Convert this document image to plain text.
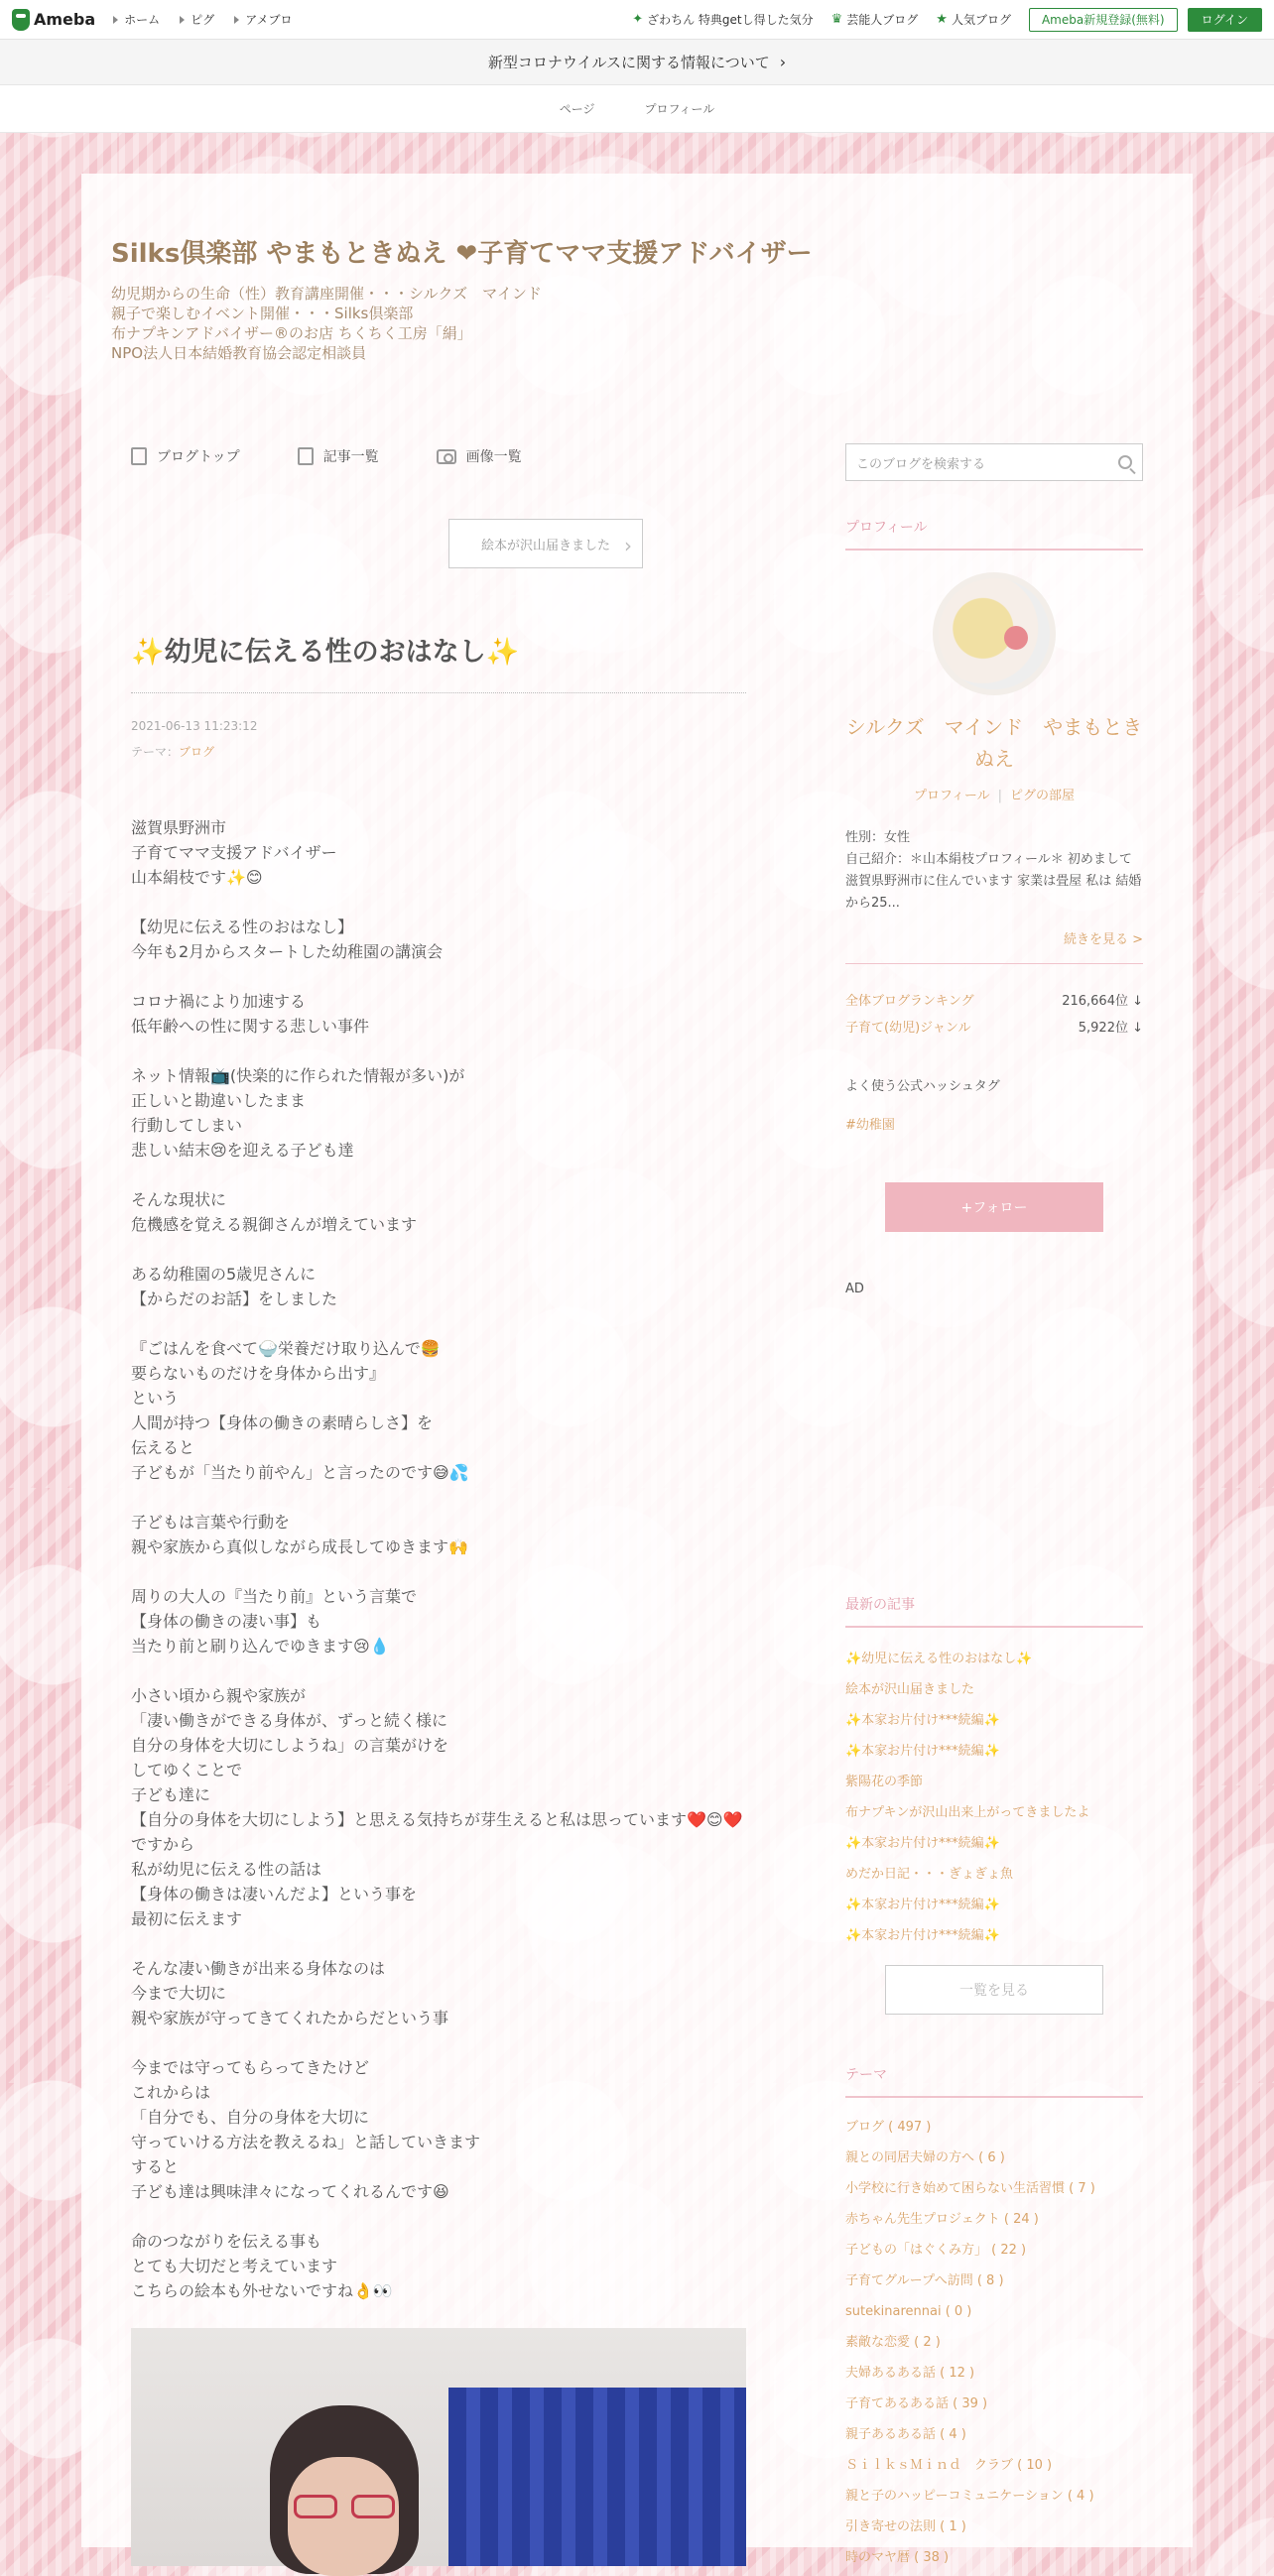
Ameba ホーム	ピグ	アメブロ	✦ ざわちん 特典getし得した気分 ♛ 芸能人ブログ ★ 人気ブログ	Ameba新規登録(無料)	ログイン
新型コロナウイルスに関する情報について ›
ページ	プロフィール
Silks倶楽部 やまもときぬえ ❤子育てママ支援アドバイザー
幼児期からの生命（性）教育講座開催・・・シルクズ　マインド
親子で楽しむイベント開催・・・Silks倶楽部
布ナプキンアドバイザー®のお店 ちくちく工房「絹」
NPO法人日本結婚教育協会認定相談員
ブログトップ	記事一覧	画像一覧
絵本が沢山届きました ›
✨幼児に伝える性のおはなし✨
2021-06-13 11:23:12
テーマ：ブログ

滋賀県野洲市
子育てママ支援アドバイザー
山本絹枝です✨😊

【幼児に伝える性のおはなし】
今年も2月からスタートした幼稚園の講演会

コロナ禍により加速する
低年齢への性に関する悲しい事件

ネット情報📺(快楽的に作られた情報が多い)が
正しいと勘違いしたまま
行動してしまい
悲しい結末😢を迎える子ども達

そんな現状に
危機感を覚える親御さんが増えています

ある幼稚園の5歳児さんに
【からだのお話】をしました

『ごはんを食べて🍚栄養だけ取り込んで🍔
要らないものだけを身体から出す』
という
人間が持つ【身体の働きの素晴らしさ】を
伝えると
子どもが「当たり前やん」と言ったのです😅💦

子どもは言葉や行動を
親や家族から真似しながら成長してゆきます🙌

周りの大人の『当たり前』という言葉で
【身体の働きの凄い事】も
当たり前と刷り込んでゆきます😢💧

小さい頃から親や家族が
「凄い働きができる身体が、ずっと続く様に
自分の身体を大切にしようね」の言葉がけを
してゆくことで
子ども達に
【自分の身体を大切にしよう】と思える気持ちが芽生えると私は思っています❤️😊❤️
ですから
私が幼児に伝える性の話は
【身体の働きは凄いんだよ】という事を
最初に伝えます

そんな凄い働きが出来る身体なのは
今まで大切に
親や家族が守ってきてくれたからだという事

今までは守ってもらってきたけど
これからは
「自分でも、自分の身体を大切に
守っていける方法を教えるね」と話していきます
すると
子ども達は興味津々になってくれるんです😆

命のつながりを伝える事も
とても大切だと考えています
こちらの絵本も外せないですね👌👀

このブログを検索する
プロフィール
シルクズ　マインド　やまもとき
ぬえ
プロフィール | ピグの部屋
性別：女性
自己紹介：＊山本絹枝プロフィール＊ 初めまして 滋賀県野洲市に住んでいます 家業は畳屋 私は 結婚から25...
続きを見る >
全体ブログランキング	216,664位 ↓
子育て(幼児)ジャンル	5,922位 ↓
よく使う公式ハッシュタグ
#幼稚園
+フォロー
AD
最新の記事
✨幼児に伝える性のおはなし✨
絵本が沢山届きました
✨本家お片付け***続編✨
✨本家お片付け***続編✨
紫陽花の季節
布ナプキンが沢山出来上がってきましたよ
✨本家お片付け***続編✨
めだか日記・・・ぎょぎょ魚
✨本家お片付け***続編✨
✨本家お片付け***続編✨
一覧を見る
テーマ
ブログ ( 497 )
親との同居夫婦の方へ ( 6 )
小学校に行き始めて困らない生活習慣 ( 7 )
赤ちゃん先生プロジェクト ( 24 )
子どもの「はぐくみ方」 ( 22 )
子育てグループへ訪問 ( 8 )
sutekinarennai ( 0 )
素敵な恋愛 ( 2 )
夫婦あるある話 ( 12 )
子育てあるある話 ( 39 )
親子あるある話 ( 4 )
ＳｉｌｋｓＭｉｎｄ　クラブ ( 10 )
親と子のハッピーコミュニケーション ( 4 )
引き寄せの法則 ( 1 )
時のマヤ暦 ( 38 )
